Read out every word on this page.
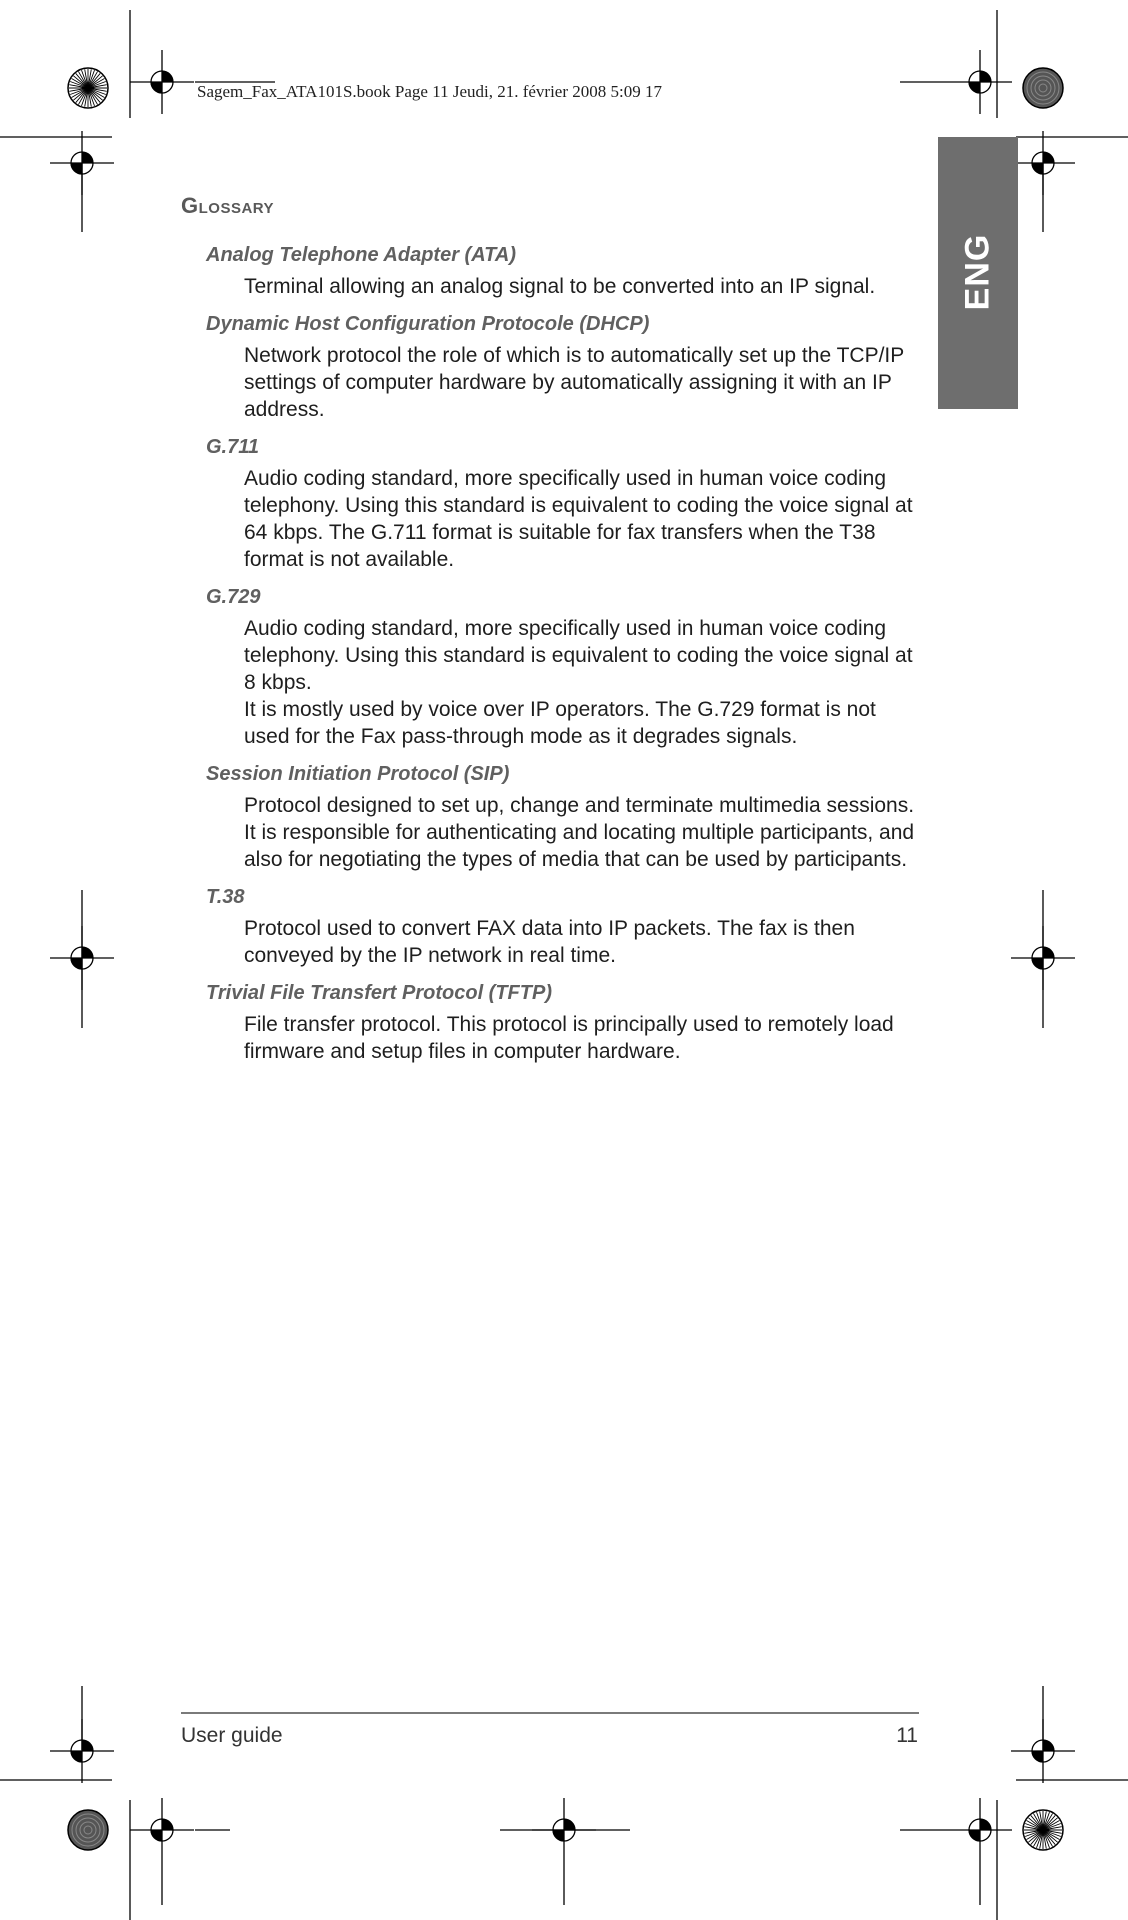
Sagem_Fax_ATA101S.book Page 11 Jeudi, 21. février 2008 5:09 17
ENG
Glossary
Analog Telephone Adapter (ATA)

Terminal allowing an analog signal to be converted into an IP signal.

Dynamic Host Configuration Protocole (DHCP)

Network protocol the role of which is to automatically set up the TCP/IP settings of computer hardware by automatically assigning it with an IP address.

G.711

Audio coding standard, more specifically used in human voice coding telephony. Using this standard is equivalent to coding the voice signal at 64 kbps. The G.711 format is suitable for fax transfers when the T38 format is not available.

G.729

Audio coding standard, more specifically used in human voice coding telephony. Using this standard is equivalent to coding the voice signal at 8 kbps.

It is mostly used by voice over IP operators. The G.729 format is not used for the Fax pass-through mode as it degrades signals.

Session Initiation Protocol (SIP)

Protocol designed to set up, change and terminate multimedia sessions. It is responsible for authenticating and locating multiple participants, and also for negotiating the types of media that can be used by participants.

T.38

Protocol used to convert FAX data into IP packets. The fax is then conveyed by the IP network in real time.

Trivial File Transfert Protocol (TFTP)

File transfer protocol. This protocol is principally used to remotely load firmware and setup files in computer hardware.

User guide	11
